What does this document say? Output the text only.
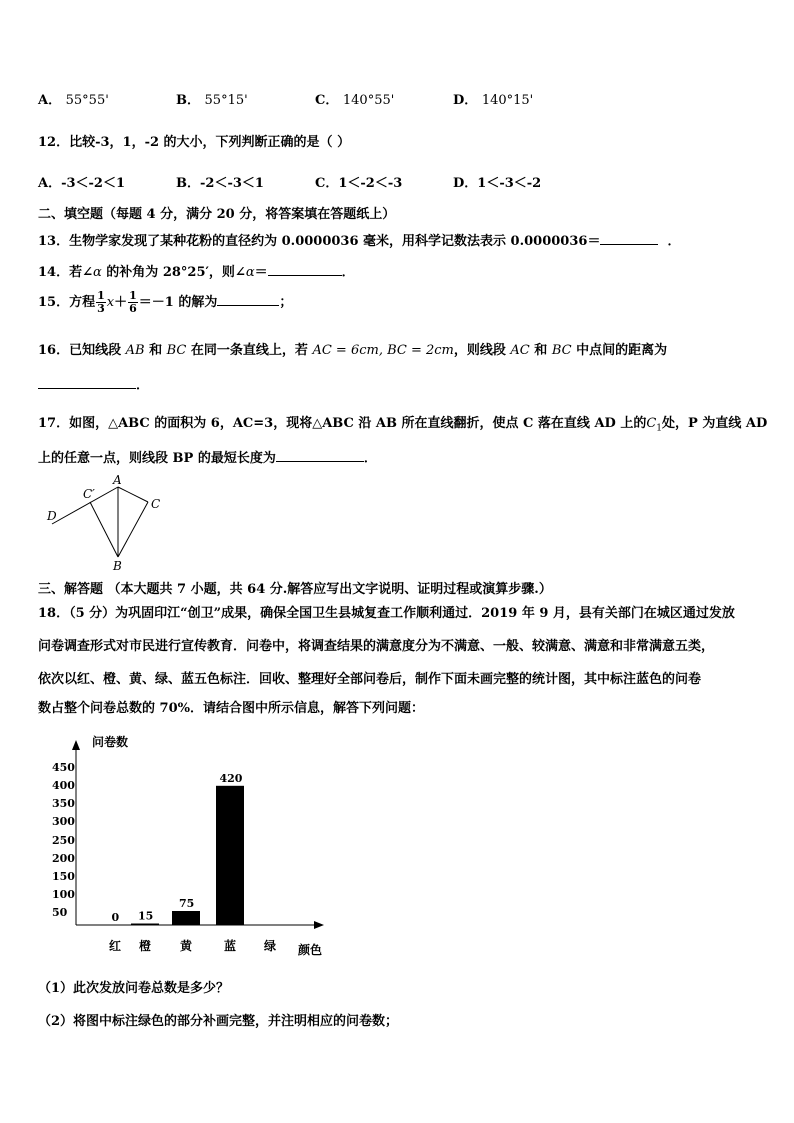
A． 55°55'	B． 55°15'	C． 140°55'	D． 140°15'
12．比较-3，1，-2 的大小，下列判断正确的是（ ）
A．-3＜-2＜1	B．-2＜-3＜1	C．1＜-2＜-3	D．1＜-3＜-2
二、填空题（每题 4 分，满分 20 分，将答案填在答题纸上）
13．生物学家发现了某种花粉的直径约为 0.0000036 毫米，用科学记数法表示 0.0000036＝	．
14．若∠α 的补角为 28°25′，则∠α＝	．
15．方程 $\frac{1}{3} x+ \frac{1}{6} =-1$ 的解为	；
16．已知线段 AB 和 BC 在同一条直线上，若 AC = 6cm, BC = 2cm，则线段 AC 和 BC 中点间的距离为
．
17．如图，△ABC 的面积为 6，AC=3，现将△ABC 沿 AB 所在直线翻折，使点 C 落在直线 AD 上的$C_1$处，P 为直线 AD
上的任意一点，则线段 BP 的最短长度为	．
D
C′
A
C
B
三、解答题 （本大题共 7 小题，共 64 分.解答应写出文字说明、证明过程或演算步骤.）
18．（5 分）为巩固印江“创卫”成果，确保全国卫生县城复查工作顺利通过．2019 年 9 月，县有关部门在城区通过发放
问卷调查形式对市民进行宣传教育．问卷中，将调查结果的满意度分为不满意、一般、较满意、满意和非常满意五类，
依次以红、橙、黄、绿、蓝五色标注．回收、整理好全部问卷后，制作下面未画完整的统计图，其中标注蓝色的问卷
数占整个问卷总数的 70%．请结合图中所示信息，解答下列问题：
问卷数
颜色
450
400
350
300
250
200
150
100
50
红
0
橙
15
黄
75
蓝
420
绿
（1）此次发放问卷总数是多少？
（2）将图中标注绿色的部分补画完整，并注明相应的问卷数；
